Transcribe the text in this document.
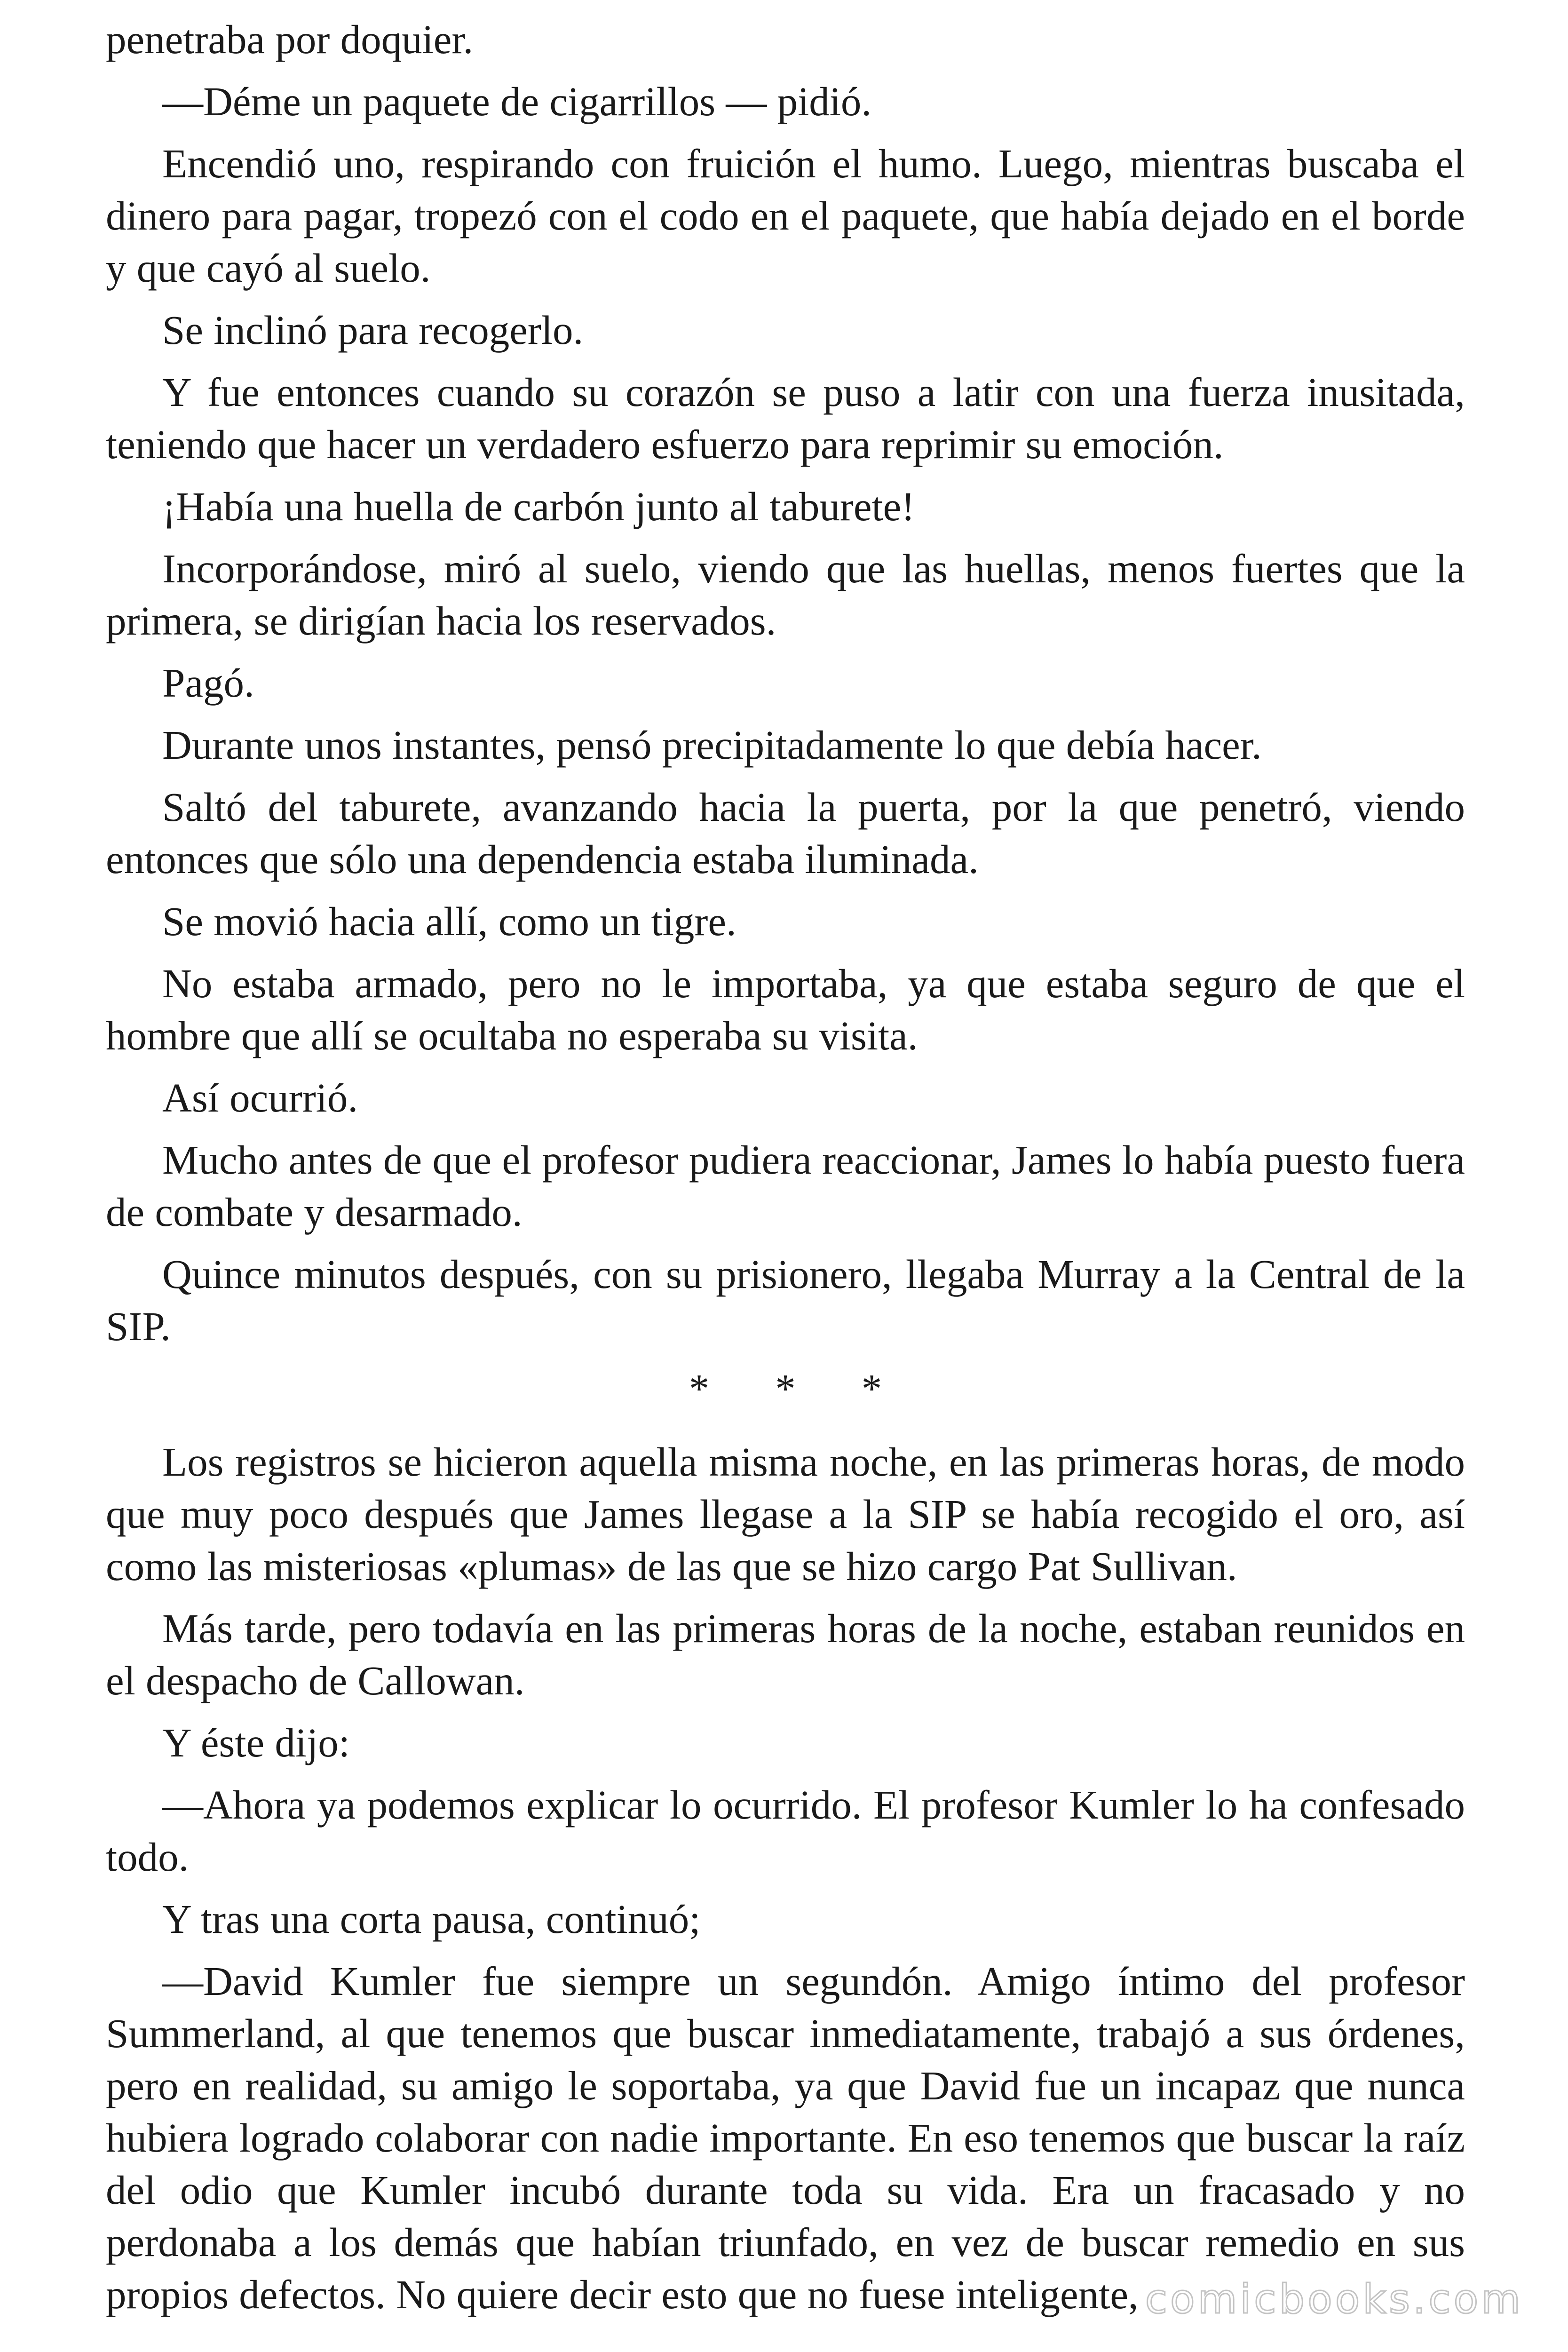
penetraba por doquier.

—Déme un paquete de cigarrillos — pidió.

Encendió uno, respirando con fruición el humo. Luego, mientras buscaba el dinero para pagar, tropezó con el codo en el paquete, que había dejado en el borde y que cayó al suelo.

Se inclinó para recogerlo.

Y fue entonces cuando su corazón se puso a latir con una fuerza inusitada, teniendo que hacer un verdadero esfuerzo para reprimir su emoción.

¡Había una huella de carbón junto al taburete!

Incorporándose, miró al suelo, viendo que las huellas, menos fuertes que la primera, se dirigían hacia los reservados.

Pagó.

Durante unos instantes, pensó precipitadamente lo que debía hacer.

Saltó del taburete, avanzando hacia la puerta, por la que penetró, viendo entonces que sólo una dependencia estaba iluminada.

Se movió hacia allí, como un tigre.

No estaba armado, pero no le importaba, ya que estaba seguro de que el hombre que allí se ocultaba no esperaba su visita.

Así ocurrió.

Mucho antes de que el profesor pudiera reaccionar, James lo había puesto fuera de combate y desarmado.

Quince minutos después, con su prisionero, llegaba Murray a la Central de la SIP.

* * *

Los registros se hicieron aquella misma noche, en las primeras horas, de modo que muy poco después que James llegase a la SIP se había recogido el oro, así como las misteriosas «plumas» de las que se hizo cargo Pat Sullivan.

Más tarde, pero todavía en las primeras horas de la noche, estaban reunidos en el despacho de Callowan.

Y éste dijo:

—Ahora ya podemos explicar lo ocurrido. El profesor Kumler lo ha confesado todo.

Y tras una corta pausa, continuó;

—David Kumler fue siempre un segundón. Amigo íntimo del profesor Summerland, al que tenemos que buscar inmediatamente, trabajó a sus órdenes, pero en realidad, su amigo le soportaba, ya que David fue un incapaz que nunca hubiera logrado colaborar con nadie importante. En eso tenemos que buscar la raíz del odio que Kumler incubó durante toda su vida. Era un fracasado y no perdonaba a los demás que habían triunfado, en vez de buscar remedio en sus propios defectos. No quiere decir esto que no fuese inteligente, comicbooks.com
